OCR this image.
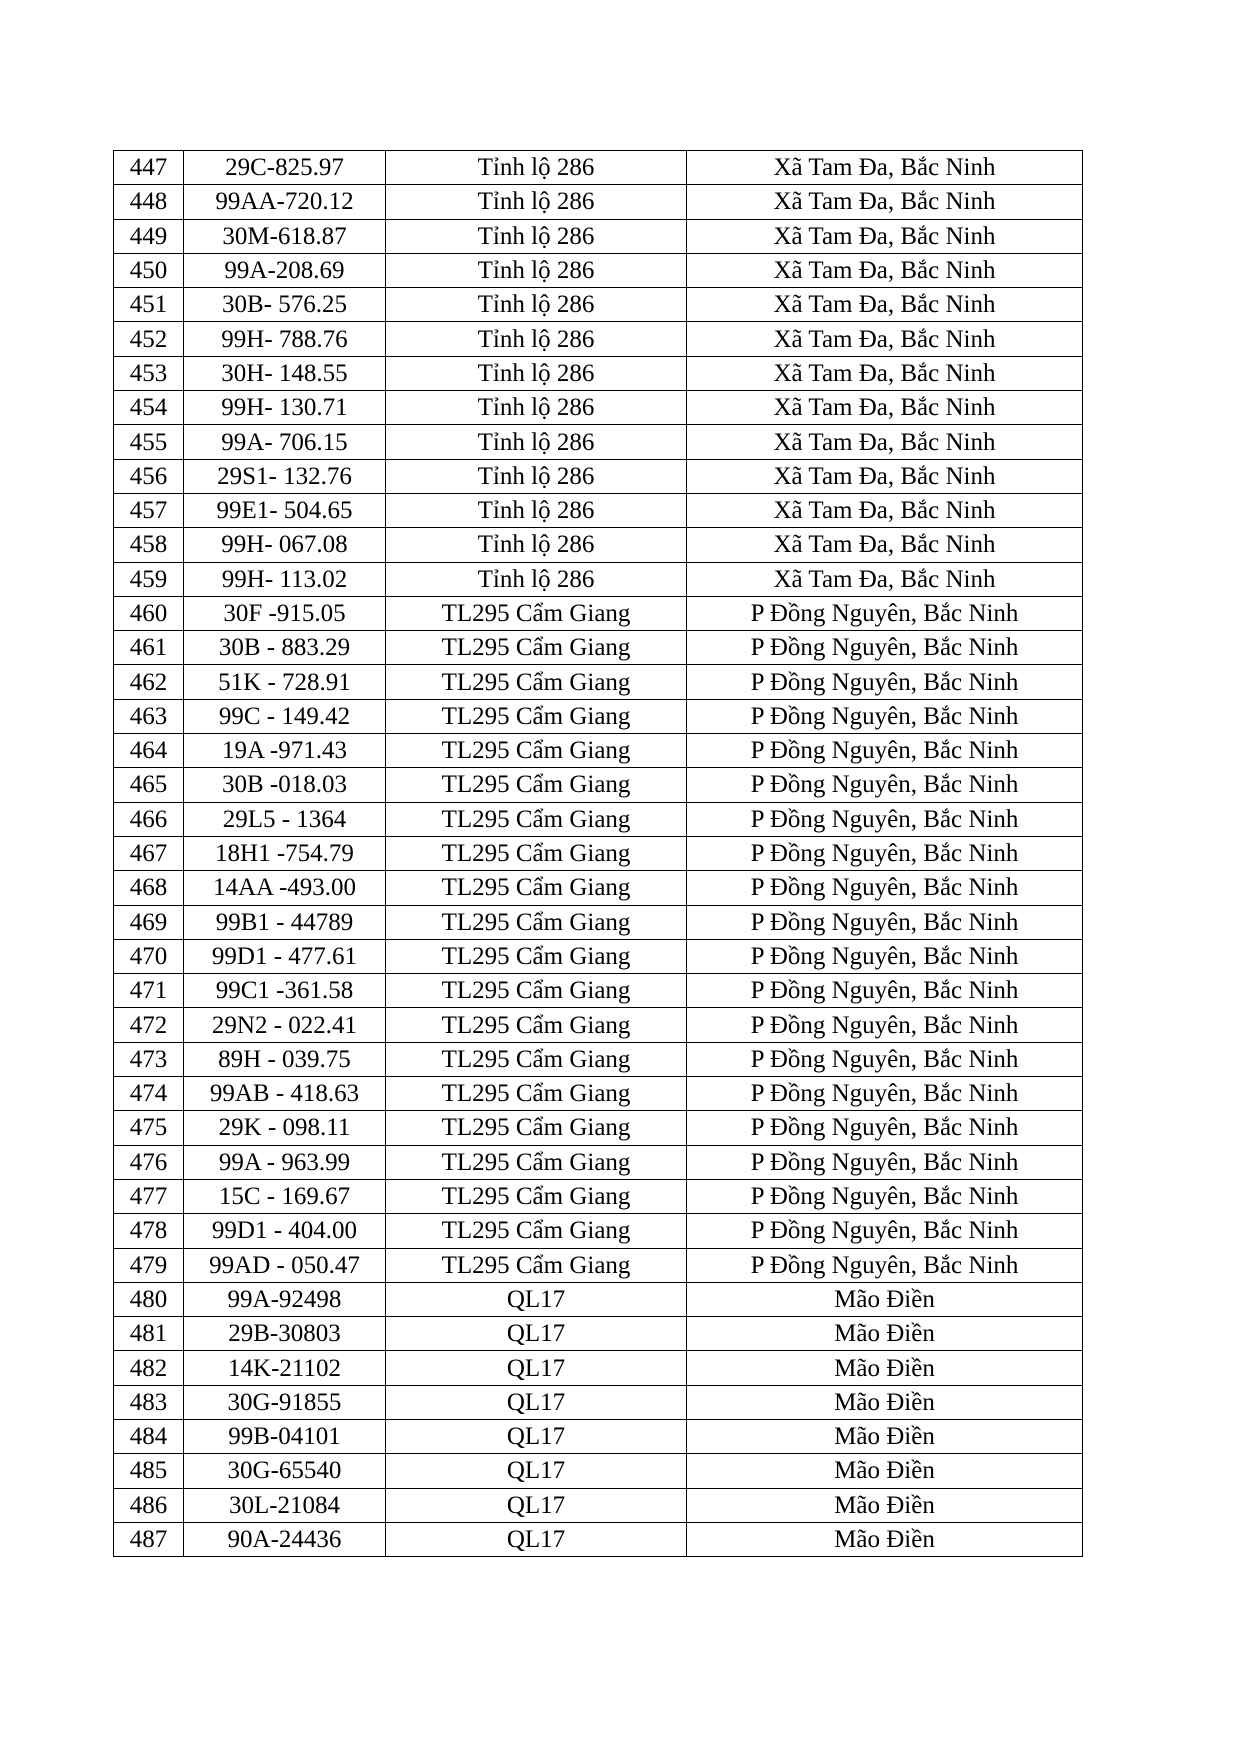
447	29C-825.97	Tỉnh lộ 286	Xã Tam Đa, Bắc Ninh
448	99AA-720.12	Tỉnh lộ 286	Xã Tam Đa, Bắc Ninh
449	30M-618.87	Tỉnh lộ 286	Xã Tam Đa, Bắc Ninh
450	99A-208.69	Tỉnh lộ 286	Xã Tam Đa, Bắc Ninh
451	30B- 576.25	Tỉnh lộ 286	Xã Tam Đa, Bắc Ninh
452	99H- 788.76	Tỉnh lộ 286	Xã Tam Đa, Bắc Ninh
453	30H- 148.55	Tỉnh lộ 286	Xã Tam Đa, Bắc Ninh
454	99H- 130.71	Tỉnh lộ 286	Xã Tam Đa, Bắc Ninh
455	99A- 706.15	Tỉnh lộ 286	Xã Tam Đa, Bắc Ninh
456	29S1- 132.76	Tỉnh lộ 286	Xã Tam Đa, Bắc Ninh
457	99E1- 504.65	Tỉnh lộ 286	Xã Tam Đa, Bắc Ninh
458	99H- 067.08	Tỉnh lộ 286	Xã Tam Đa, Bắc Ninh
459	99H- 113.02	Tỉnh lộ 286	Xã Tam Đa, Bắc Ninh
460	30F -915.05	TL295 Cẩm Giang	P Đồng Nguyên, Bắc Ninh
461	30B - 883.29	TL295 Cẩm Giang	P Đồng Nguyên, Bắc Ninh
462	51K - 728.91	TL295 Cẩm Giang	P Đồng Nguyên, Bắc Ninh
463	99C - 149.42	TL295 Cẩm Giang	P Đồng Nguyên, Bắc Ninh
464	19A -971.43	TL295 Cẩm Giang	P Đồng Nguyên, Bắc Ninh
465	30B -018.03	TL295 Cẩm Giang	P Đồng Nguyên, Bắc Ninh
466	29L5 - 1364	TL295 Cẩm Giang	P Đồng Nguyên, Bắc Ninh
467	18H1 -754.79	TL295 Cẩm Giang	P Đồng Nguyên, Bắc Ninh
468	14AA -493.00	TL295 Cẩm Giang	P Đồng Nguyên, Bắc Ninh
469	99B1 - 44789	TL295 Cẩm Giang	P Đồng Nguyên, Bắc Ninh
470	99D1 - 477.61	TL295 Cẩm Giang	P Đồng Nguyên, Bắc Ninh
471	99C1 -361.58	TL295 Cẩm Giang	P Đồng Nguyên, Bắc Ninh
472	29N2 - 022.41	TL295 Cẩm Giang	P Đồng Nguyên, Bắc Ninh
473	89H - 039.75	TL295 Cẩm Giang	P Đồng Nguyên, Bắc Ninh
474	99AB - 418.63	TL295 Cẩm Giang	P Đồng Nguyên, Bắc Ninh
475	29K - 098.11	TL295 Cẩm Giang	P Đồng Nguyên, Bắc Ninh
476	99A - 963.99	TL295 Cẩm Giang	P Đồng Nguyên, Bắc Ninh
477	15C - 169.67	TL295 Cẩm Giang	P Đồng Nguyên, Bắc Ninh
478	99D1 - 404.00	TL295 Cẩm Giang	P Đồng Nguyên, Bắc Ninh
479	99AD - 050.47	TL295 Cẩm Giang	P Đồng Nguyên, Bắc Ninh
480	99A-92498	QL17	Mão Điền
481	29B-30803	QL17	Mão Điền
482	14K-21102	QL17	Mão Điền
483	30G-91855	QL17	Mão Điền
484	99B-04101	QL17	Mão Điền
485	30G-65540	QL17	Mão Điền
486	30L-21084	QL17	Mão Điền
487	90A-24436	QL17	Mão Điền
